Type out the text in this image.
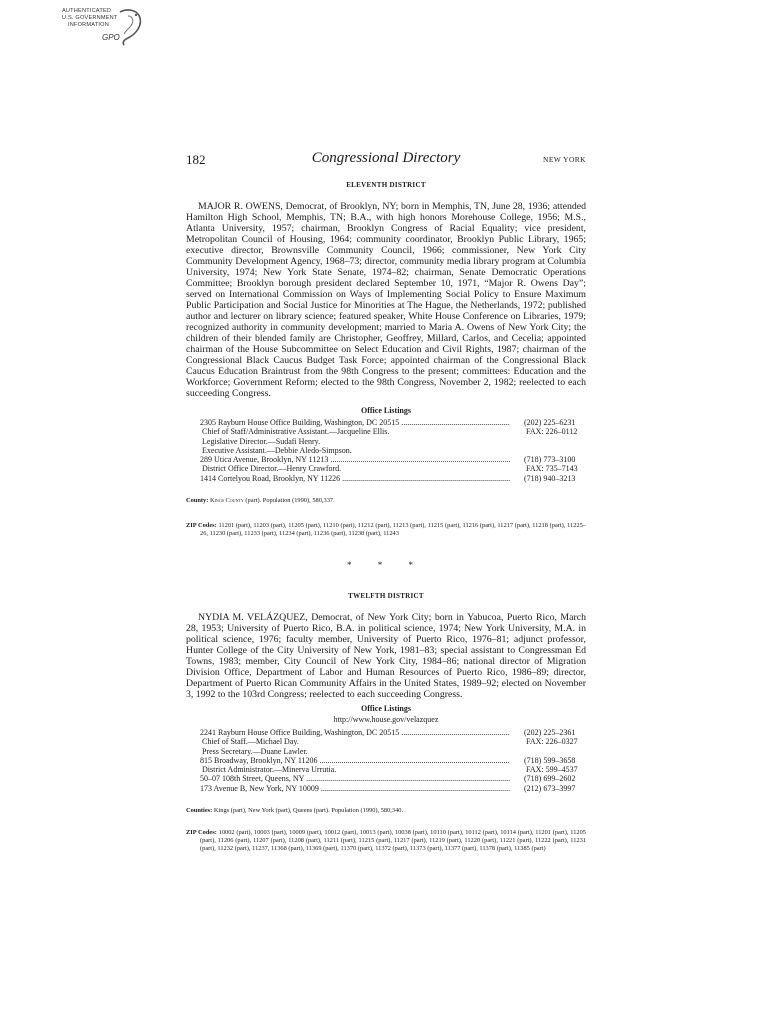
AUTHENTICATED
U.S. GOVERNMENT
INFORMATION
GPO
182	Congressional Directory	NEW YORK
ELEVENTH DISTRICT

MAJOR R. OWENS, Democrat, of Brooklyn, NY; born in Memphis, TN, June 28, 1936; attended Hamilton High School, Memphis, TN; B.A., with high honors Morehouse College, 1956; M.S., Atlanta University, 1957; chairman, Brooklyn Congress of Racial Equality; vice president, Metropolitan Council of Housing, 1964; community coordinator, Brooklyn Public Library, 1965; executive director, Brownsville Community Council, 1966; commissioner, New York City Community Development Agency, 1968–73; director, community media library program at Columbia University, 1974; New York State Senate, 1974–82; chairman, Senate Democratic Operations Committee; Brooklyn borough president declared September 10, 1971, “Major R. Owens Day”; served on International Commission on Ways of Implementing Social Policy to Ensure Maximum Public Participation and Social Justice for Minorities at The Hague, the Netherlands, 1972; published author and lecturer on library science; featured speaker, White House Conference on Libraries, 1979; recognized authority in community development; married to Maria A. Owens of New York City; the children of their blended family are Christopher, Geoffrey, Millard, Carlos, and Cecelia; appointed chairman of the House Subcommittee on Select Education and Civil Rights, 1987; chairman of the Congressional Black Caucus Budget Task Force; appointed chairman of the Congressional Black Caucus Education Braintrust from the 98th Congress to the present; committees: Education and the Workforce; Government Reform; elected to the 98th Congress, November 2, 1982; reelected to each succeeding Congress.

Office Listings
2305 Rayburn House Office Building, Washington, DC 20515 .....	(202) 225–6231
Chief of Staff/Administrative Assistant.—Jacqueline Ellis.	FAX: 226–0112
Legislative Director.—Sudafi Henry.
Executive Assistant.—Debbie Aledo-Simpson.
289 Utica Avenue, Brooklyn, NY 11213 .....	(718) 773–3100
District Office Director.—Henry Crawford.	FAX: 735–7143
1414 Cortelyou Road, Brooklyn, NY 11226 .....	(718) 940–3213
County: Kings County (part). Population (1990), 580,337.
ZIP Codes: 11201 (part), 11203 (part), 11205 (part), 11210 (part), 11212 (part), 11213 (part), 11215 (part), 11216 (part), 11217 (part), 11218 (part), 11225–26, 11230 (part), 11233 (part), 11234 (part), 11236 (part), 11238 (part), 11243
* * *
TWELFTH DISTRICT

NYDIA M. VELÁZQUEZ, Democrat, of New York City; born in Yabucoa, Puerto Rico, March 28, 1953; University of Puerto Rico, B.A. in political science, 1974; New York University, M.A. in political science, 1976; faculty member, University of Puerto Rico, 1976–81; adjunct professor, Hunter College of the City University of New York, 1981–83; special assistant to Congressman Ed Towns, 1983; member, City Council of New York City, 1984–86; national director of Migration Division Office, Department of Labor and Human Resources of Puerto Rico, 1986–89; director, Department of Puerto Rican Community Affairs in the United States, 1989–92; elected on November 3, 1992 to the 103rd Congress; reelected to each succeeding Congress.

Office Listings
http://www.house.gov/velazquez
2241 Rayburn House Office Building, Washington, DC 20515 .....	(202) 225–2361
Chief of Staff.—Michael Day.	FAX: 226–0327
Press Secretary.—Duane Lawler.
815 Broadway, Brooklyn, NY 11206 .....	(718) 599–3658
District Administrator.—Minerva Urrutia.	FAX: 599–4537
50–07 108th Street, Queens, NY .....	(718) 699–2602
173 Avenue B, New York, NY 10009 .....	(212) 673–3997
Counties: Kings (part), New York (part), Queens (part). Population (1990), 580,340.
ZIP Codes: 10002 (part), 10003 (part), 10009 (part), 10012 (part), 10013 (part), 10038 (part), 10110 (part), 10112 (part), 10114 (part), 11201 (part), 11205 (part), 11206 (part), 11207 (part), 11208 (part), 11211 (part), 11215 (part), 11217 (part), 11219 (part), 11220 (part), 11221 (part), 11222 (part), 11231 (part), 11232 (part), 11237, 11368 (part), 11369 (part), 11370 (part), 11372 (part), 11373 (part), 11377 (part), 11378 (part), 11385 (part)
